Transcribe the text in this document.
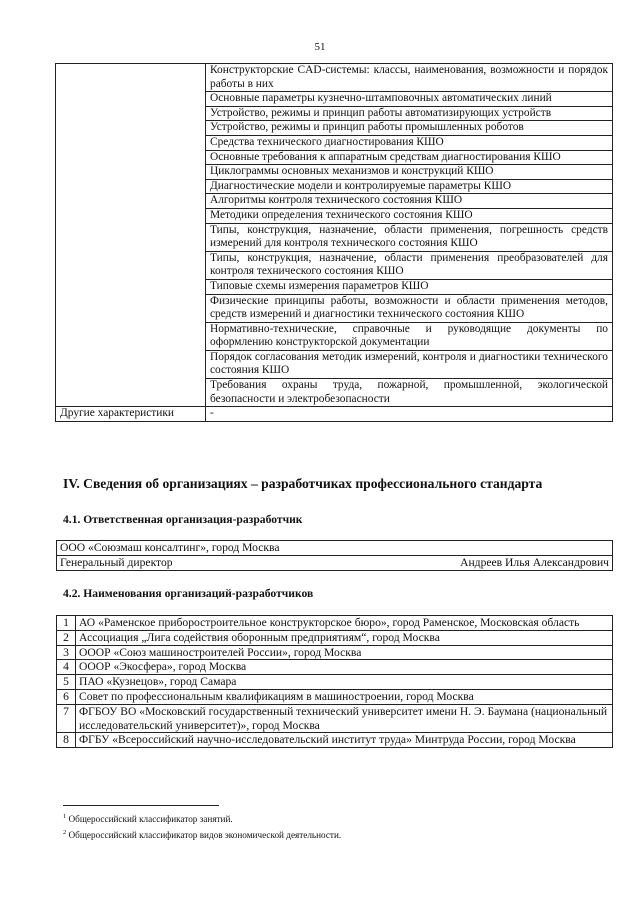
51
	Конструкторские CAD-системы: классы, наименования, возможности и порядок работы в них
	Основные параметры кузнечно-штамповочных автоматических линий
	Устройство, режимы и принцип работы автоматизирующих устройств
	Устройство, режимы и принцип работы промышленных роботов
	Средства технического диагностирования КШО
	Основные требования к аппаратным средствам диагностирования КШО
	Циклограммы основных механизмов и конструкций КШО
	Диагностические модели и контролируемые параметры КШО
	Алгоритмы контроля технического состояния КШО
	Методики определения технического состояния КШО
	Типы, конструкция, назначение, области применения, погрешность средств измерений для контроля технического состояния КШО
	Типы, конструкция, назначение, области применения преобразователей для контроля технического состояния КШО
	Типовые схемы измерения параметров КШО
	Физические принципы работы, возможности и области применения методов, средств измерений и диагностики технического состояния КШО
	Нормативно-технические, справочные и руководящие документы по оформлению конструкторской документации
	Порядок согласования методик измерений, контроля и диагностики технического состояния КШО
	Требования охраны труда, пожарной, промышленной, экологической безопасности и электробезопасности
Другие характеристики	-
IV. Сведения об организациях – разработчиках профессионального стандарта
4.1. Ответственная организация-разработчик
ООО «Союзмаш консалтинг», город Москва
Генеральный директор	Андреев Илья Александрович
4.2. Наименования организаций-разработчиков
1	АО «Раменское приборостроительное конструкторское бюро», город Раменское, Московская область
2	Ассоциация „Лига содействия оборонным предприятиям“, город Москва
3	ОООР «Союз машиностроителей России», город Москва
4	ОООР «Экосфера», город Москва
5	ПАО «Кузнецов», город Самара
6	Совет по профессиональным квалификациям в машиностроении, город Москва
7	ФГБОУ ВО «Московский государственный технический университет имени Н. Э. Баумана (национальный исследовательский университет)», город Москва
8	ФГБУ «Всероссийский научно-исследовательский институт труда» Минтруда России, город Москва
$^1$ Общероссийский классификатор занятий.
$^2$ Общероссийский классификатор видов экономической деятельности.
